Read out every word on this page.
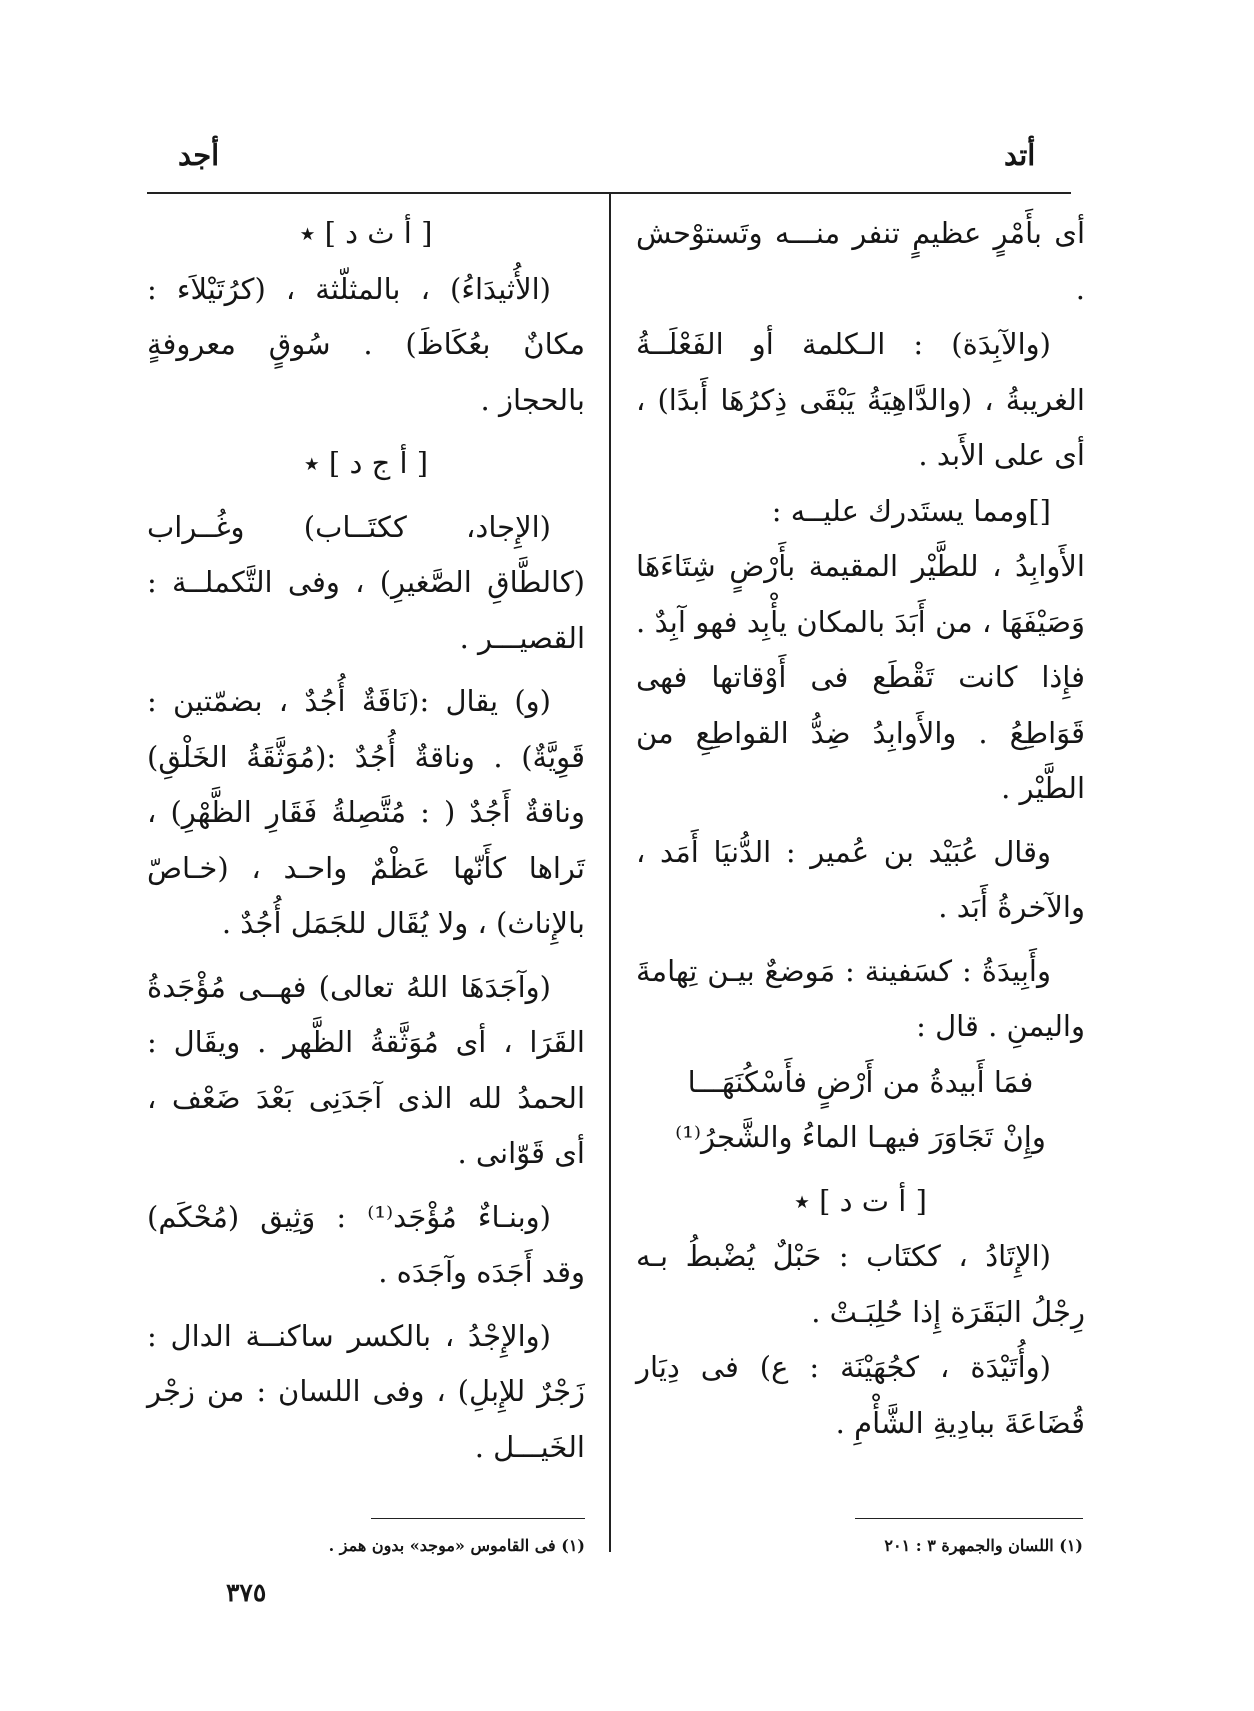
أتد
أجد

أى بأَمْرٍ عظيمٍ تنفر منـــه وتَستوْحش .

(والآبِدَة) : الـكلمة أو الفَعْلَــةُ الغريبةُ ، (والدَّاهِيَةُ يَبْقَى ذِكرُهَا أَبدًا) ، أى على الأَبد .

[]ومما يستَدرك عليــه :

الأَوابِدُ ، للطَّيْر المقيمة بأَرْضٍ شِتَاءَهَا وَصَيْفَهَا ، من أَبَدَ بالمكان يأْبِد فهو آبِدٌ . فإِذا كانت تَقْطَع فى أَوْقاتها فهى قَوَاطِعُ . والأَوابِدُ ضِدُّ القواطِعِ من الطَّيْر .

وقال عُبَيْد بن عُمير : الدُّنيَا أَمَد ، والآخرةُ أَبَد .

وأَبِيدَةُ : كسَفينة : مَوضعٌ بيـن تِهامةَ واليمنِ . قال :

فمَا أَبيدةُ من أَرْضٍ فأَسْكُنَهَـــا

وإِنْ تَجَاوَرَ فيهـا الماءُ والشَّجرُ⁽¹⁾

[ أ ت د ] ٭

(الإِتَادُ ، ككتَاب : حَبْلٌ يُضْبطُ بـه رِجْلُ البَقَرَة إِذا حُلِبَـتْ .

(وأُتَيْدَة ، كجُهَيْنَة : ع) فى دِيَار قُضَاعَةَ ببادِيةِ الشَّأْمِ .

[ أ ث د ] ٭

(الأُثيدَاءُ) ، بالمثلّثة ، (كرُتَيْلاَء : مكانٌ بعُكَاظَ) . سُوقٍ معروفةٍ بالحجاز .

[ أ ج د ] ٭

(الإِجاد، ككتَــاب) وغُــراب (كالطَّاقِ الصَّغيرِ) ، وفى التَّكملــة : القصيـــر .

(و) يقال :(نَاقَةٌ أُجُدٌ ، بضمّتين : قَوِيَّةٌ) . وناقةٌ أُجُدٌ :(مُوَثَّقَةُ الخَلْقِ) وناقةٌ أَجُدٌ ( : مُتَّصِلةُ فَقَارِ الظَّهْرِ) ، تَراها كأَنّها عَظْمٌ واحـد ، (خـاصّ بالإِناث) ، ولا يُقَال للجَمَل أُجُدٌ .

(وآجَدَهَا اللهُ تعالى) فهــى مُؤْجَدةُ القَرَا ، أى مُوَثَّقةُ الظَّهر . ويقَال : الحمدُ لله الذى آجَدَنِى بَعْدَ ضَعْف ، أى قَوّانى .

(وبنـاءٌ مُؤْجَد⁽¹⁾ : وَثِيق (مُحْكَم) وقد أَجَدَه وآجَدَه .

(والإِجْدُ ، بالكسر ساكنــة الدال : زَجْرٌ للإِبلِ) ، وفى اللسان : من زجْر الخَيـــل .

(١) اللسان والجمهرة ٣ : ٢٠١
(١) فى القاموس «موجد» بدون همز .
٣٧٥
